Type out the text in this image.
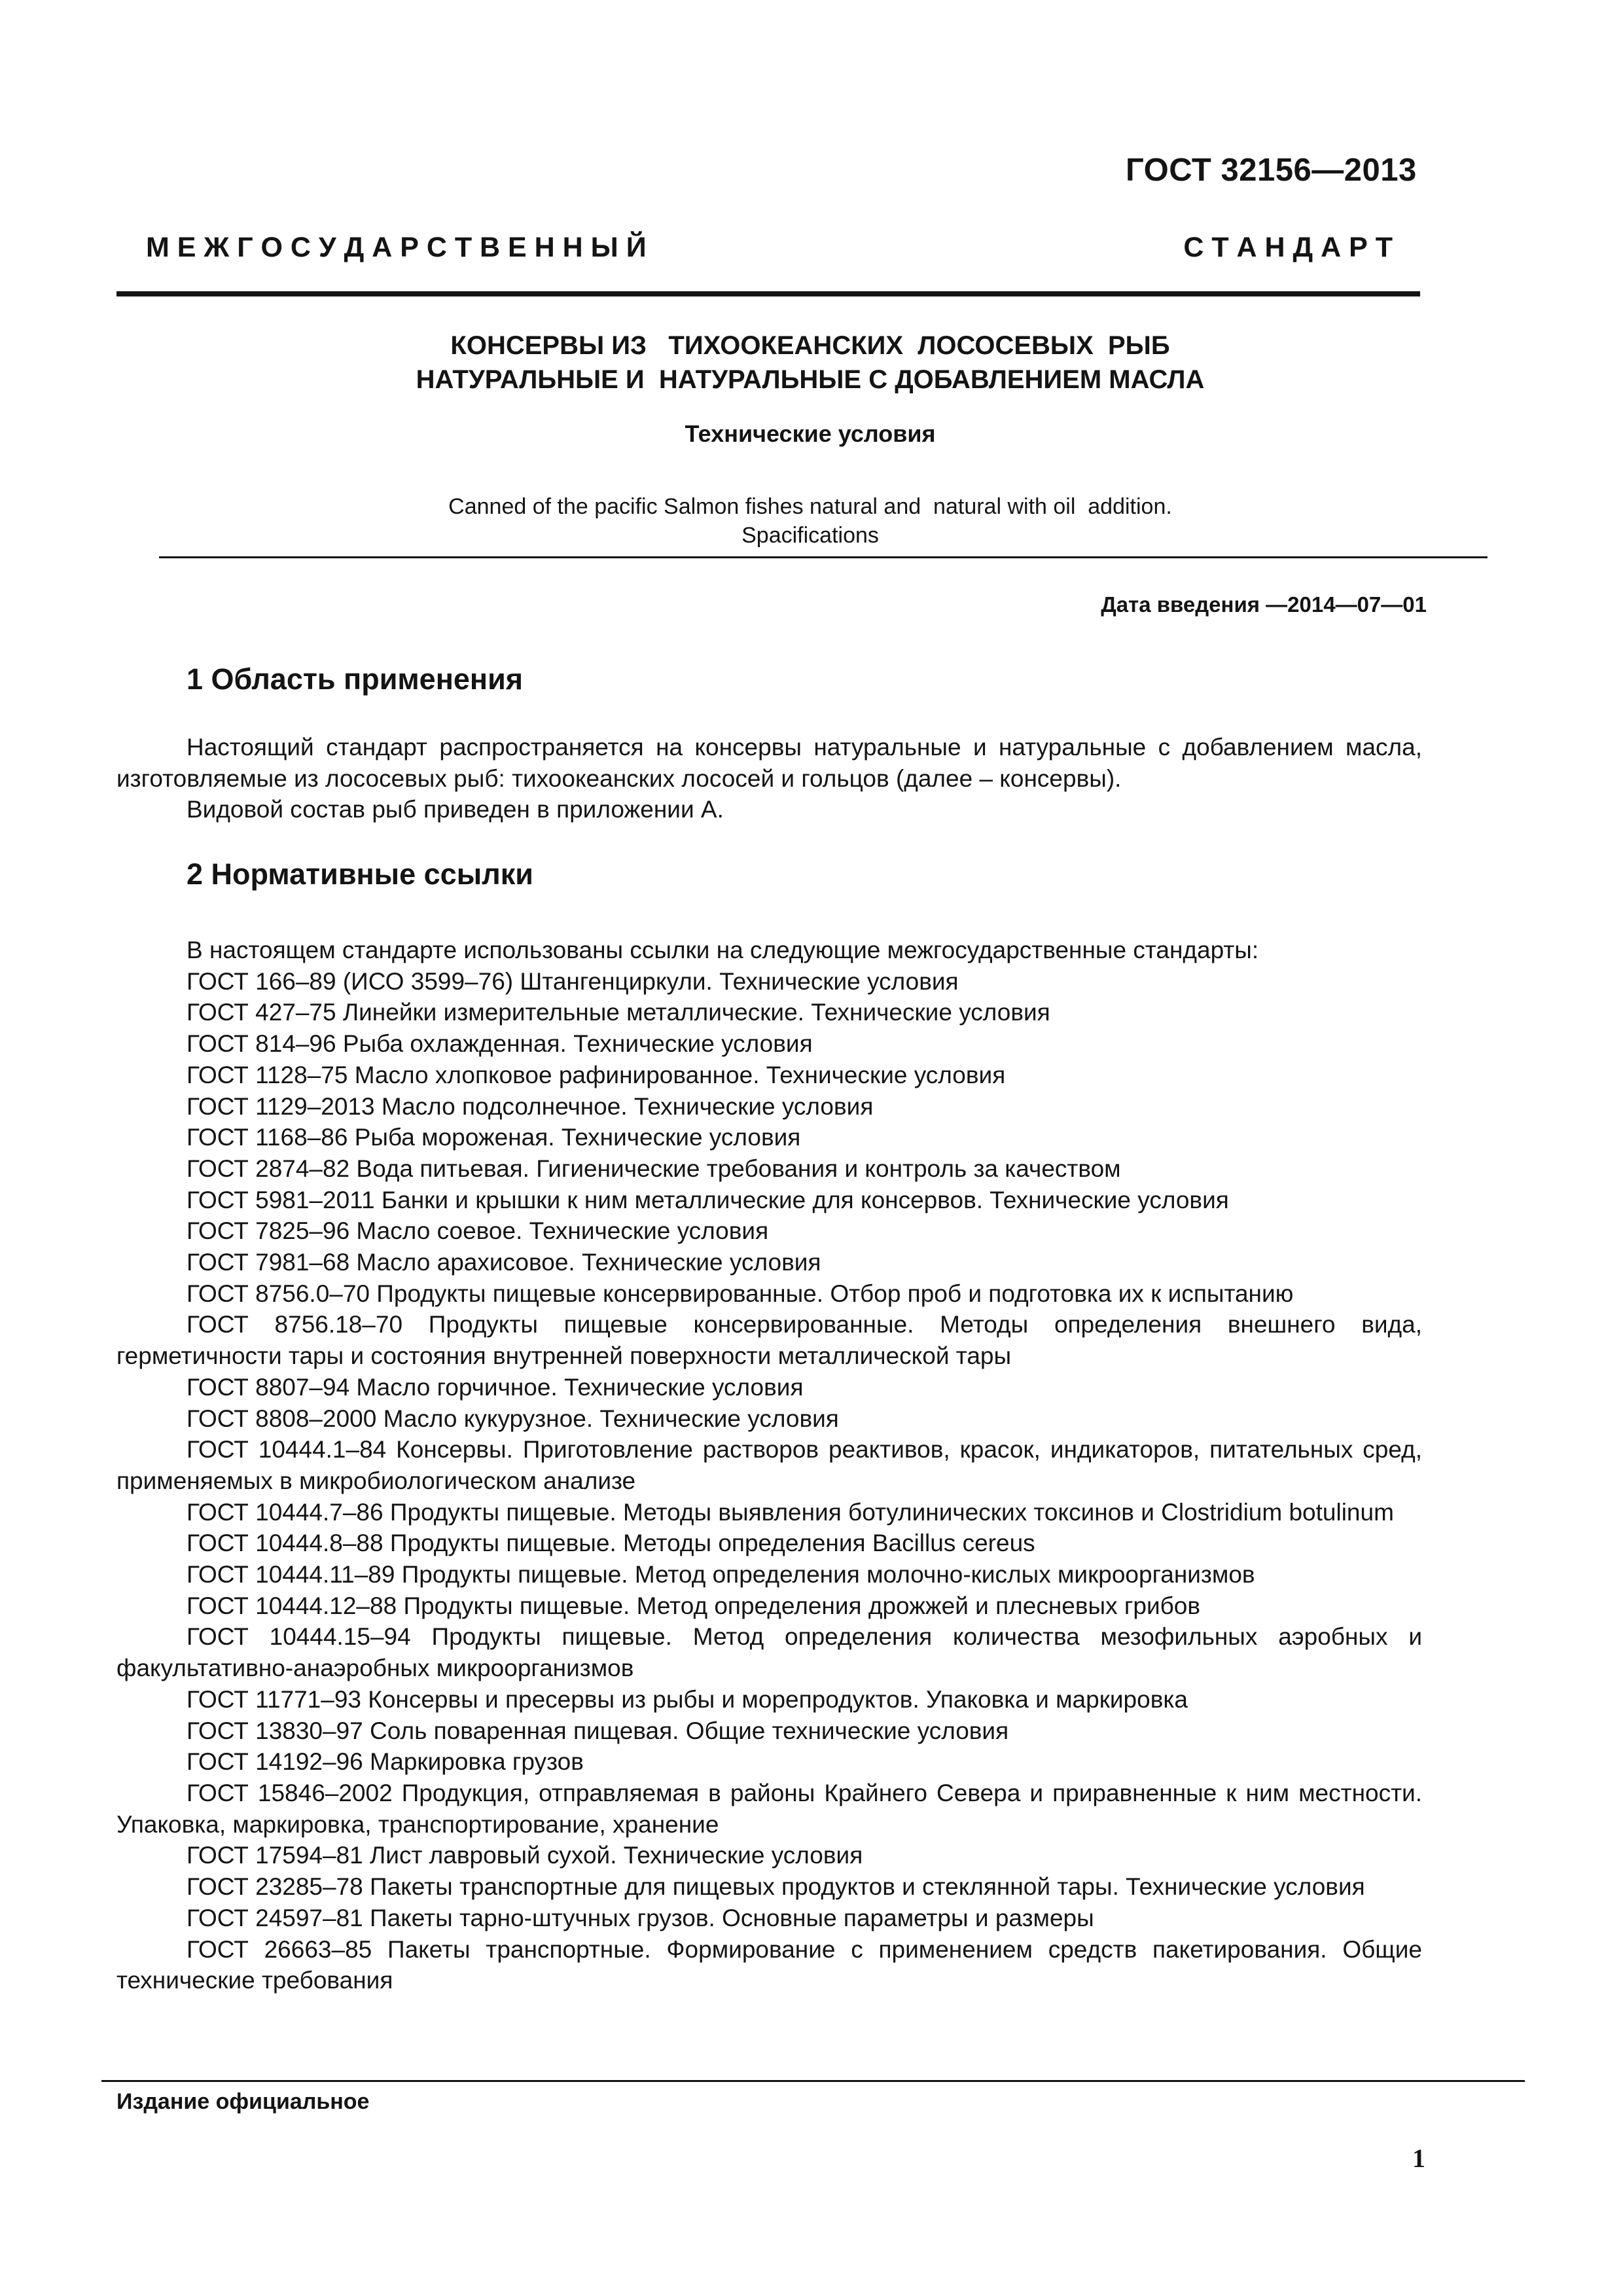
ГОСТ 32156—2013
М Е Ж Г О С У Д А Р С Т В Е Н Н Ы Й	С Т А Н Д А Р Т
КОНСЕРВЫ ИЗ   ТИХООКЕАНСКИХ  ЛОСОСЕВЫХ  РЫБ
НАТУРАЛЬНЫЕ И  НАТУРАЛЬНЫЕ С ДОБАВЛЕНИЕМ МАСЛА
Технические условия
Canned of the pacific Salmon fishes natural and  natural with oil  addition.
Spacifications
Дата введения —2014—07—01
1 Область применения

Настоящий стандарт распространяется на консервы натуральные и натуральные с добавлением масла, изготовляемые из лососевых рыб: тихоокеанских лососей и гольцов (далее – консервы).

Видовой состав рыб приведен в приложении А.

2 Нормативные ссылки

В настоящем стандарте использованы ссылки на следующие межгосударственные стандарты:

ГОСТ 166–89 (ИСО 3599–76) Штангенциркули. Технические условия

ГОСТ 427–75 Линейки измерительные металлические. Технические условия

ГОСТ 814–96 Рыба охлажденная. Технические условия

ГОСТ 1128–75 Масло хлопковое рафинированное. Технические условия

ГОСТ 1129–2013 Масло подсолнечное. Технические условия

ГОСТ 1168–86 Рыба мороженая. Технические условия

ГОСТ 2874–82 Вода питьевая. Гигиенические требования и контроль за качеством

ГОСТ 5981–2011 Банки и крышки к ним металлические для консервов. Технические условия

ГОСТ 7825–96 Масло соевое. Технические условия

ГОСТ 7981–68 Масло арахисовое. Технические условия

ГОСТ 8756.0–70 Продукты пищевые консервированные. Отбор проб и подготовка их к испытанию

ГОСТ 8756.18–70 Продукты пищевые консервированные. Методы определения внешнего вида, герметичности тары и состояния внутренней поверхности металлической тары

ГОСТ 8807–94 Масло горчичное. Технические условия

ГОСТ 8808–2000 Масло кукурузное. Технические условия

ГОСТ 10444.1–84 Консервы. Приготовление растворов реактивов, красок, индикаторов, питательных сред, применяемых в микробиологическом анализе

ГОСТ 10444.7–86 Продукты пищевые. Методы выявления ботулинических токсинов и Clostridium botulinum

ГОСТ 10444.8–88 Продукты пищевые. Методы определения Bacillus cereus

ГОСТ 10444.11–89 Продукты пищевые. Метод определения молочно-кислых микроорганизмов

ГОСТ 10444.12–88 Продукты пищевые. Метод определения дрожжей и плесневых грибов

ГОСТ 10444.15–94 Продукты пищевые. Метод определения количества мезофильных аэробных и факультативно-анаэробных микроорганизмов

ГОСТ 11771–93 Консервы и пресервы из рыбы и морепродуктов. Упаковка и маркировка

ГОСТ 13830–97 Соль поваренная пищевая. Общие технические условия

ГОСТ 14192–96 Маркировка грузов

ГОСТ 15846–2002 Продукция, отправляемая в районы Крайнего Севера и приравненные к ним местности. Упаковка, маркировка, транспортирование, хранение

ГОСТ 17594–81 Лист лавровый сухой. Технические условия

ГОСТ 23285–78 Пакеты транспортные для пищевых продуктов и стеклянной тары. Технические условия

ГОСТ 24597–81 Пакеты тарно-штучных грузов. Основные параметры и размеры

ГОСТ 26663–85 Пакеты транспортные. Формирование с применением средств пакетирования. Общие технические требования

Издание официальное
1
